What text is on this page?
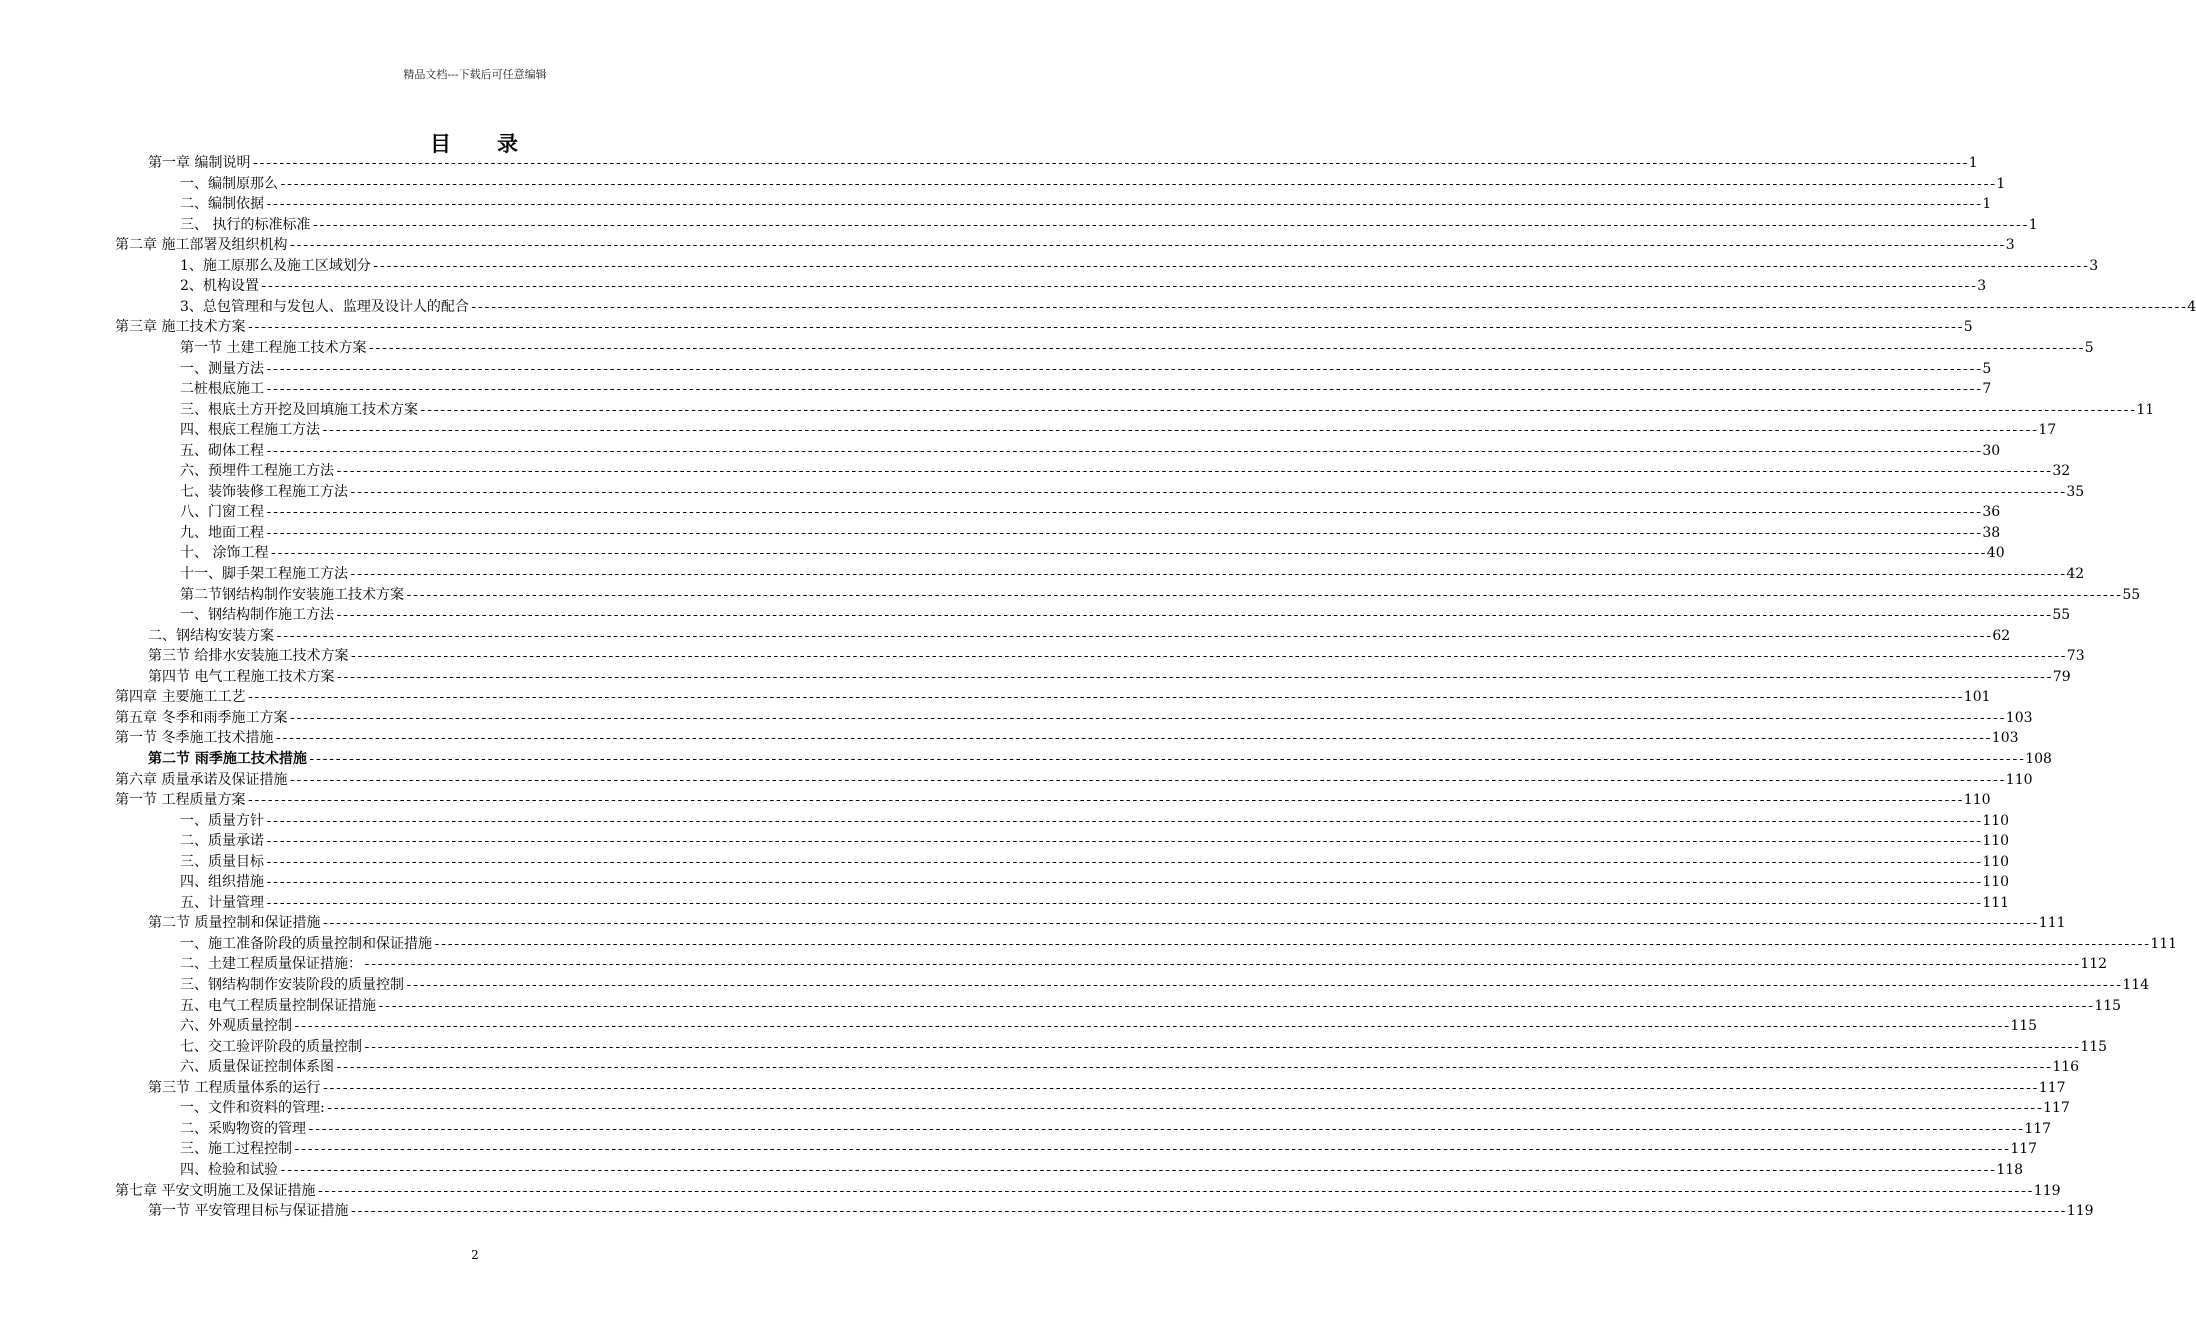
精品文档---下载后可任意编辑
目 录
第一章 编制说明 -------------------------------------------------------------------------------------------------------------------------------------------------------------------------------------------------------------------------------------------------------------------- 1
一、编制原那么 -------------------------------------------------------------------------------------------------------------------------------------------------------------------------------------------------------------------------------------------------------------------- 1
二、编制依据 -------------------------------------------------------------------------------------------------------------------------------------------------------------------------------------------------------------------------------------------------------------------- 1
三、 执行的标准标准 -------------------------------------------------------------------------------------------------------------------------------------------------------------------------------------------------------------------------------------------------------------------- 1
第二章 施工部署及组织机构 -------------------------------------------------------------------------------------------------------------------------------------------------------------------------------------------------------------------------------------------------------------------- 3
1、施工原那么及施工区域划分 -------------------------------------------------------------------------------------------------------------------------------------------------------------------------------------------------------------------------------------------------------------------- 3
2、机构设置 -------------------------------------------------------------------------------------------------------------------------------------------------------------------------------------------------------------------------------------------------------------------- 3
3、总包管理和与发包人、监理及设计人的配合 -------------------------------------------------------------------------------------------------------------------------------------------------------------------------------------------------------------------------------------------------------------------- 4
第三章 施工技术方案 -------------------------------------------------------------------------------------------------------------------------------------------------------------------------------------------------------------------------------------------------------------------- 5
第一节 土建工程施工技术方案 -------------------------------------------------------------------------------------------------------------------------------------------------------------------------------------------------------------------------------------------------------------------- 5
一、测量方法 -------------------------------------------------------------------------------------------------------------------------------------------------------------------------------------------------------------------------------------------------------------------- 5
二桩根底施工 -------------------------------------------------------------------------------------------------------------------------------------------------------------------------------------------------------------------------------------------------------------------- 7
三、根底土方开挖及回填施工技术方案 -------------------------------------------------------------------------------------------------------------------------------------------------------------------------------------------------------------------------------------------------------------------- 11
四、根底工程施工方法 -------------------------------------------------------------------------------------------------------------------------------------------------------------------------------------------------------------------------------------------------------------------- 17
五、砌体工程 -------------------------------------------------------------------------------------------------------------------------------------------------------------------------------------------------------------------------------------------------------------------- 30
六、预埋件工程施工方法 -------------------------------------------------------------------------------------------------------------------------------------------------------------------------------------------------------------------------------------------------------------------- 32
七、装饰装修工程施工方法 -------------------------------------------------------------------------------------------------------------------------------------------------------------------------------------------------------------------------------------------------------------------- 35
八、门窗工程 -------------------------------------------------------------------------------------------------------------------------------------------------------------------------------------------------------------------------------------------------------------------- 36
九、地面工程 -------------------------------------------------------------------------------------------------------------------------------------------------------------------------------------------------------------------------------------------------------------------- 38
十、 涂饰工程 -------------------------------------------------------------------------------------------------------------------------------------------------------------------------------------------------------------------------------------------------------------------- 40
十一、脚手架工程施工方法 -------------------------------------------------------------------------------------------------------------------------------------------------------------------------------------------------------------------------------------------------------------------- 42
第二节钢结构制作安装施工技术方案 -------------------------------------------------------------------------------------------------------------------------------------------------------------------------------------------------------------------------------------------------------------------- 55
一、钢结构制作施工方法 -------------------------------------------------------------------------------------------------------------------------------------------------------------------------------------------------------------------------------------------------------------------- 55
二、钢结构安装方案 -------------------------------------------------------------------------------------------------------------------------------------------------------------------------------------------------------------------------------------------------------------------- 62
第三节 给排水安装施工技术方案 -------------------------------------------------------------------------------------------------------------------------------------------------------------------------------------------------------------------------------------------------------------------- 73
第四节 电气工程施工技术方案 -------------------------------------------------------------------------------------------------------------------------------------------------------------------------------------------------------------------------------------------------------------------- 79
第四章 主要施工工艺 -------------------------------------------------------------------------------------------------------------------------------------------------------------------------------------------------------------------------------------------------------------------- 101
第五章 冬季和雨季施工方案 -------------------------------------------------------------------------------------------------------------------------------------------------------------------------------------------------------------------------------------------------------------------- 103
第一节 冬季施工技术措施 -------------------------------------------------------------------------------------------------------------------------------------------------------------------------------------------------------------------------------------------------------------------- 103
第二节 雨季施工技术措施 -------------------------------------------------------------------------------------------------------------------------------------------------------------------------------------------------------------------------------------------------------------------- 108
第六章 质量承诺及保证措施 -------------------------------------------------------------------------------------------------------------------------------------------------------------------------------------------------------------------------------------------------------------------- 110
第一节 工程质量方案 -------------------------------------------------------------------------------------------------------------------------------------------------------------------------------------------------------------------------------------------------------------------- 110
一、质量方针 -------------------------------------------------------------------------------------------------------------------------------------------------------------------------------------------------------------------------------------------------------------------- 110
二、质量承诺 -------------------------------------------------------------------------------------------------------------------------------------------------------------------------------------------------------------------------------------------------------------------- 110
三、质量目标 -------------------------------------------------------------------------------------------------------------------------------------------------------------------------------------------------------------------------------------------------------------------- 110
四、组织措施 -------------------------------------------------------------------------------------------------------------------------------------------------------------------------------------------------------------------------------------------------------------------- 110
五、计量管理 -------------------------------------------------------------------------------------------------------------------------------------------------------------------------------------------------------------------------------------------------------------------- 111
第二节 质量控制和保证措施 -------------------------------------------------------------------------------------------------------------------------------------------------------------------------------------------------------------------------------------------------------------------- 111
一、施工准备阶段的质量控制和保证措施 -------------------------------------------------------------------------------------------------------------------------------------------------------------------------------------------------------------------------------------------------------------------- 111
二、土建工程质量保证措施： -------------------------------------------------------------------------------------------------------------------------------------------------------------------------------------------------------------------------------------------------------------------- 112
三、钢结构制作安装阶段的质量控制 -------------------------------------------------------------------------------------------------------------------------------------------------------------------------------------------------------------------------------------------------------------------- 114
五、电气工程质量控制保证措施 -------------------------------------------------------------------------------------------------------------------------------------------------------------------------------------------------------------------------------------------------------------------- 115
六、外观质量控制 -------------------------------------------------------------------------------------------------------------------------------------------------------------------------------------------------------------------------------------------------------------------- 115
七、交工验评阶段的质量控制 -------------------------------------------------------------------------------------------------------------------------------------------------------------------------------------------------------------------------------------------------------------------- 115
六、质量保证控制体系图 -------------------------------------------------------------------------------------------------------------------------------------------------------------------------------------------------------------------------------------------------------------------- 116
第三节 工程质量体系的运行 -------------------------------------------------------------------------------------------------------------------------------------------------------------------------------------------------------------------------------------------------------------------- 117
一、文件和资料的管理: -------------------------------------------------------------------------------------------------------------------------------------------------------------------------------------------------------------------------------------------------------------------- 117
二、采购物资的管理 -------------------------------------------------------------------------------------------------------------------------------------------------------------------------------------------------------------------------------------------------------------------- 117
三、施工过程控制 -------------------------------------------------------------------------------------------------------------------------------------------------------------------------------------------------------------------------------------------------------------------- 117
四、检验和试验 -------------------------------------------------------------------------------------------------------------------------------------------------------------------------------------------------------------------------------------------------------------------- 118
第七章 平安文明施工及保证措施 -------------------------------------------------------------------------------------------------------------------------------------------------------------------------------------------------------------------------------------------------------------------- 119
第一节 平安管理目标与保证措施 -------------------------------------------------------------------------------------------------------------------------------------------------------------------------------------------------------------------------------------------------------------------- 119
2
